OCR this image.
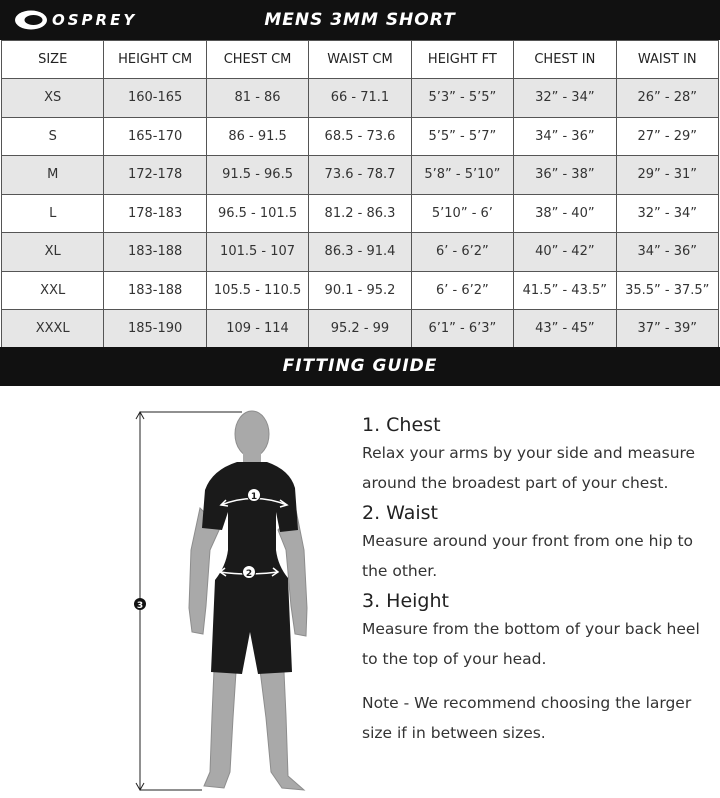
OSPREY	MENS 3MM SHORT
SIZE	HEIGHT CM	CHEST CM	WAIST CM	HEIGHT FT	CHEST IN	WAIST IN
XS	160-165	81 - 86	66 - 71.1	5’3” - 5’5”	32” - 34”	26” - 28”
S	165-170	86 - 91.5	68.5 - 73.6	5’5” - 5’7”	34” - 36”	27” - 29”
M	172-178	91.5 - 96.5	73.6 - 78.7	5’8” - 5’10”	36” - 38”	29” - 31”
L	178-183	96.5 - 101.5	81.2 - 86.3	5’10” - 6’	38” - 40”	32” - 34”
XL	183-188	101.5 - 107	86.3 - 91.4	6’ - 6’2”	40” - 42”	34” - 36”
XXL	183-188	105.5 - 110.5	90.1 - 95.2	6’ - 6’2”	41.5” - 43.5”	35.5” - 37.5”
XXXL	185-190	109 - 114	95.2 - 99	6’1” - 6’3”	43” - 45”	37” - 39”
FITTING GUIDE
1
2
3
1. Chest

Relax your arms by your side and measure around the broadest part of your chest.

2. Waist

Measure around your front from one hip to the other.

3. Height

Measure from the bottom of your back heel to the top of your head.

Note - We recommend choosing the larger size if in between sizes.
